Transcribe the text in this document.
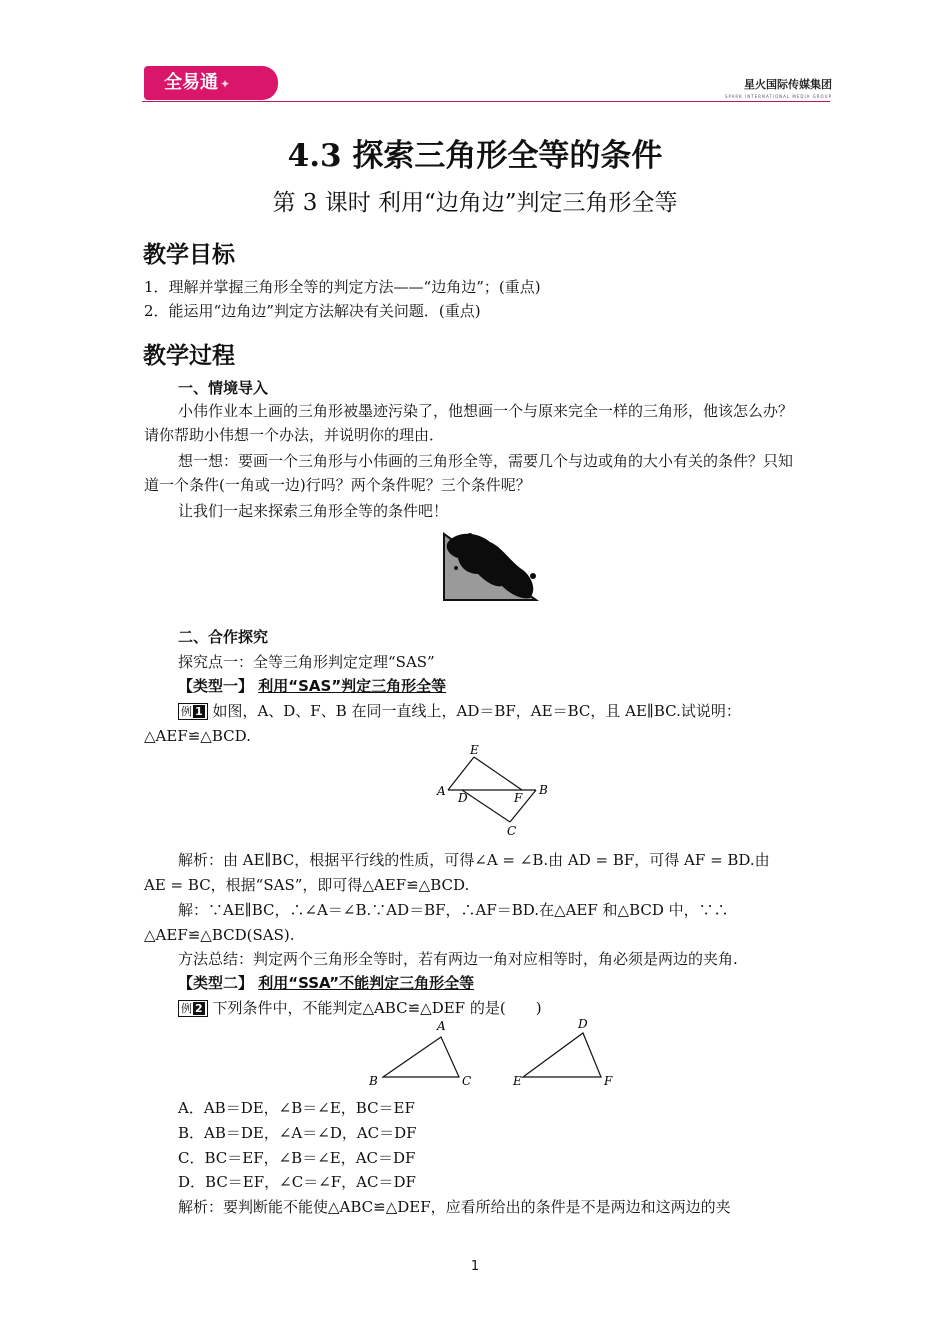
全易通 ✦	星火国际传媒集团
SPARK INTERNATIONAL MEDIA GROUP
4.3 探索三角形全等的条件
第 3 课时 利用“边角边”判定三角形全等
教学目标
1．理解并掌握三角形全等的判定方法——“边角边”；(重点)
2．能运用“边角边”判定方法解决有关问题．(重点)
教学过程
一、情境导入
小伟作业本上画的三角形被墨迹污染了，他想画一个与原来完全一样的三角形，他该怎么办？请你帮助小伟想一个办法，并说明你的理由．
想一想：要画一个三角形与小伟画的三角形全等，需要几个与边或角的大小有关的条件？只知道一个条件(一角或一边)行吗？两个条件呢？三个条件呢？
让我们一起来探索三角形全等的条件吧！
二、合作探究
探究点一：全等三角形判定定理“SAS”
【类型一】 利用“SAS”判定三角形全等
例 1 如图，A、D、F、B 在同一直线上，AD＝BF，AE＝BC，且 AE∥BC.试说明：
△AEF≌△BCD.
E
A D	F
B
C
解析：由 AE∥BC，根据平行线的性质，可得∠A = ∠B.由 AD = BF，可得 AF = BD.由
AE = BC，根据“SAS”，即可得△AEF≌△BCD.
解：∵AE∥BC，∴∠A＝∠B.∵AD＝BF，∴AF＝BD.在△AEF 和△BCD 中，∵∴
△AEF≌△BCD(SAS).
方法总结：判定两个三角形全等时，若有两边一角对应相等时，角必须是两边的夹角.
【类型二】 利用“SSA”不能判定三角形全等
例 2 下列条件中，不能判定△ABC≌△DEF 的是(　　)
A
B	C
D
E	F
A．AB＝DE，∠B＝∠E，BC＝EF
B．AB＝DE，∠A＝∠D，AC＝DF
C．BC＝EF，∠B＝∠E，AC＝DF
D．BC＝EF，∠C＝∠F，AC＝DF
解析：要判断能不能使△ABC≌△DEF，应看所给出的条件是不是两边和这两边的夹
1
